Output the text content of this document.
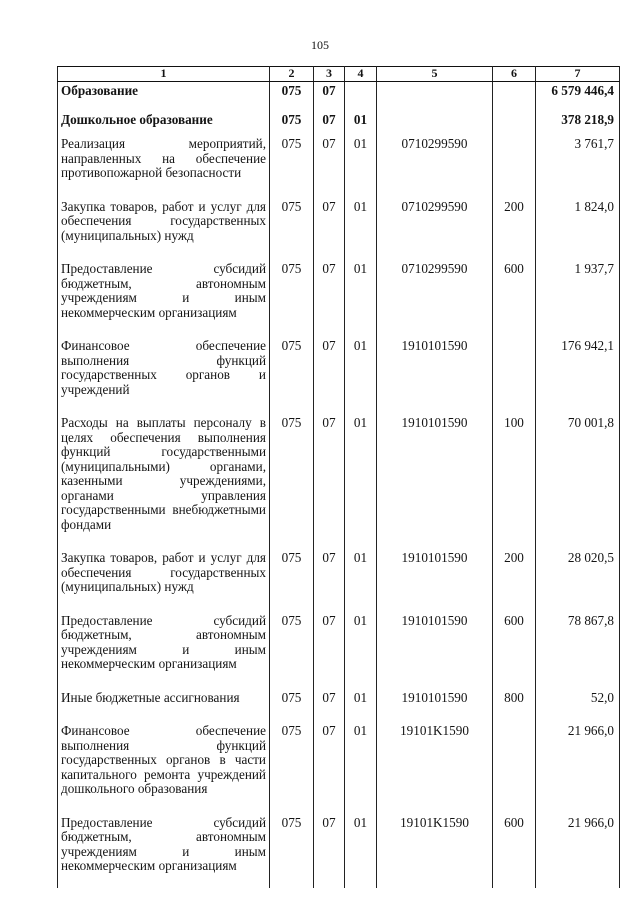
105
1	2	3	4	5	6	7
Образование	075	07				6 579 446,4
Дошкольное образование	075	07	01			378 218,9
Реализация мероприятий, направленных на обеспечение противопожарной безопасности	075	07	01	0710299590		3 761,7
Закупка товаров, работ и услуг для обеспечения государственных (муниципальных) нужд	075	07	01	0710299590	200	1 824,0
Предоставление субсидий бюджетным, автономным учреждениям и иным некоммерческим организациям	075	07	01	0710299590	600	1 937,7
Финансовое обеспечение выполнения функций государственных органов и учреждений	075	07	01	1910101590		176 942,1
Расходы на выплаты персоналу в целях обеспечения выполнения функций государственными (муниципальными) органами, казенными учреждениями, органами управления государственными внебюджетными фондами	075	07	01	1910101590	100	70 001,8
Закупка товаров, работ и услуг для обеспечения государственных (муниципальных) нужд	075	07	01	1910101590	200	28 020,5
Предоставление субсидий бюджетным, автономным учреждениям и иным некоммерческим организациям	075	07	01	1910101590	600	78 867,8
Иные бюджетные ассигнования	075	07	01	1910101590	800	52,0
Финансовое обеспечение выполнения функций государственных органов в части капитального ремонта учреждений дошкольного образования	075	07	01	19101K1590		21 966,0
Предоставление субсидий бюджетным, автономным учреждениям и иным некоммерческим организациям	075	07	01	19101K1590	600	21 966,0
